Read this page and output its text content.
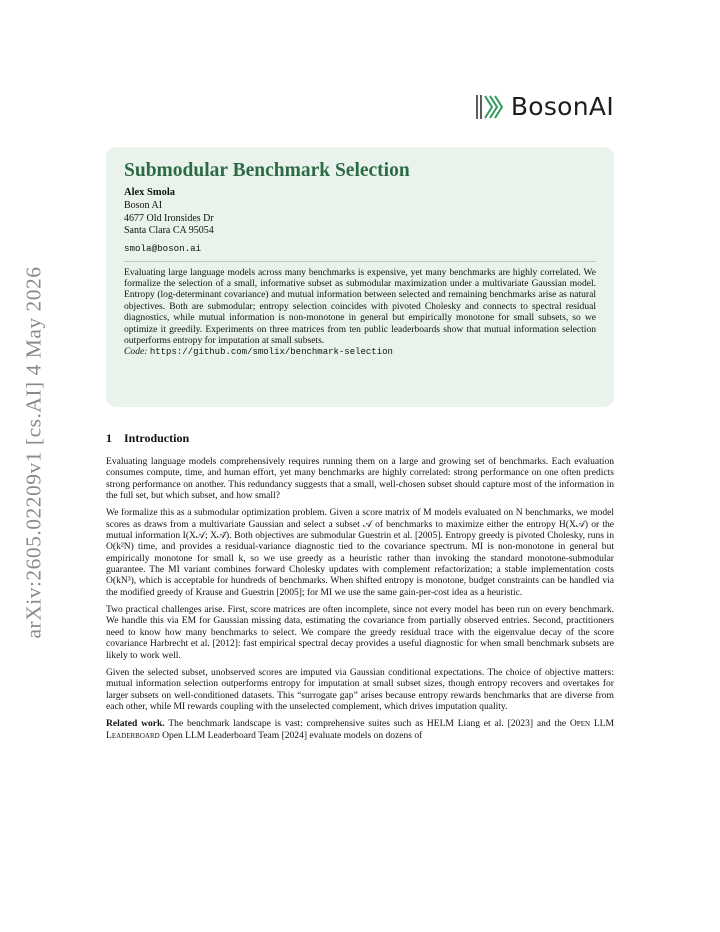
arXiv:2605.02209v1 [cs.AI] 4 May 2026
BosonAI
Submodular Benchmark Selection
Alex Smola
Boson AI
4677 Old Ironsides Dr
Santa Clara CA 95054
smola@boson.ai
Evaluating large language models across many benchmarks is expensive, yet many benchmarks are highly correlated. We formalize the selection of a small, informative subset as submodular maximization under a multivariate Gaussian model. Entropy (log-determinant covariance) and mutual information between selected and remaining benchmarks arise as natural objectives. Both are submodular; entropy selection coincides with pivoted Cholesky and connects to spectral residual diagnostics, while mutual information is non-monotone in general but empirically monotone for small subsets, so we optimize it greedily. Experiments on three matrices from ten public leaderboards show that mutual information selection outperforms entropy for imputation at small subsets.
Code: https://github.com/smolix/benchmark-selection
1 Introduction

Evaluating language models comprehensively requires running them on a large and growing set of benchmarks. Each evaluation consumes compute, time, and human effort, yet many benchmarks are highly correlated: strong performance on one often predicts strong performance on another. This redundancy suggests that a small, well-chosen subset should capture most of the information in the full set, but which subset, and how small?

We formalize this as a submodular optimization problem. Given a score matrix of M models evaluated on N benchmarks, we model scores as draws from a multivariate Gaussian and select a subset 𝒜 of benchmarks to maximize either the entropy H(X𝒜) or the mutual information I(X𝒜; X𝒜̄). Both objectives are submodular Guestrin et al. [2005]. Entropy greedy is pivoted Cholesky, runs in O(k²N) time, and provides a residual-variance diagnostic tied to the covariance spectrum. MI is non-monotone in general but empirically monotone for small k, so we use greedy as a heuristic rather than invoking the standard monotone-submodular guarantee. The MI variant combines forward Cholesky updates with complement refactorization; a stable implementation costs O(kN³), which is acceptable for hundreds of benchmarks. When shifted entropy is monotone, budget constraints can be handled via the modified greedy of Krause and Guestrin [2005]; for MI we use the same gain-per-cost idea as a heuristic.

Two practical challenges arise. First, score matrices are often incomplete, since not every model has been run on every benchmark. We handle this via EM for Gaussian missing data, estimating the covariance from partially observed entries. Second, practitioners need to know how many benchmarks to select. We compare the greedy residual trace with the eigenvalue decay of the score covariance Harbrecht et al. [2012]: fast empirical spectral decay provides a useful diagnostic for when small benchmark subsets are likely to work well.

Given the selected subset, unobserved scores are imputed via Gaussian conditional expectations. The choice of objective matters: mutual information selection outperforms entropy for imputation at small subset sizes, though entropy recovers and overtakes for larger subsets on well-conditioned datasets. This “surrogate gap” arises because entropy rewards benchmarks that are diverse from each other, while MI rewards coupling with the unselected complement, which drives imputation quality.

Related work. The benchmark landscape is vast: comprehensive suites such as HELM Liang et al. [2023] and the Open LLM Leaderboard Open LLM Leaderboard Team [2024] evaluate models on dozens of
